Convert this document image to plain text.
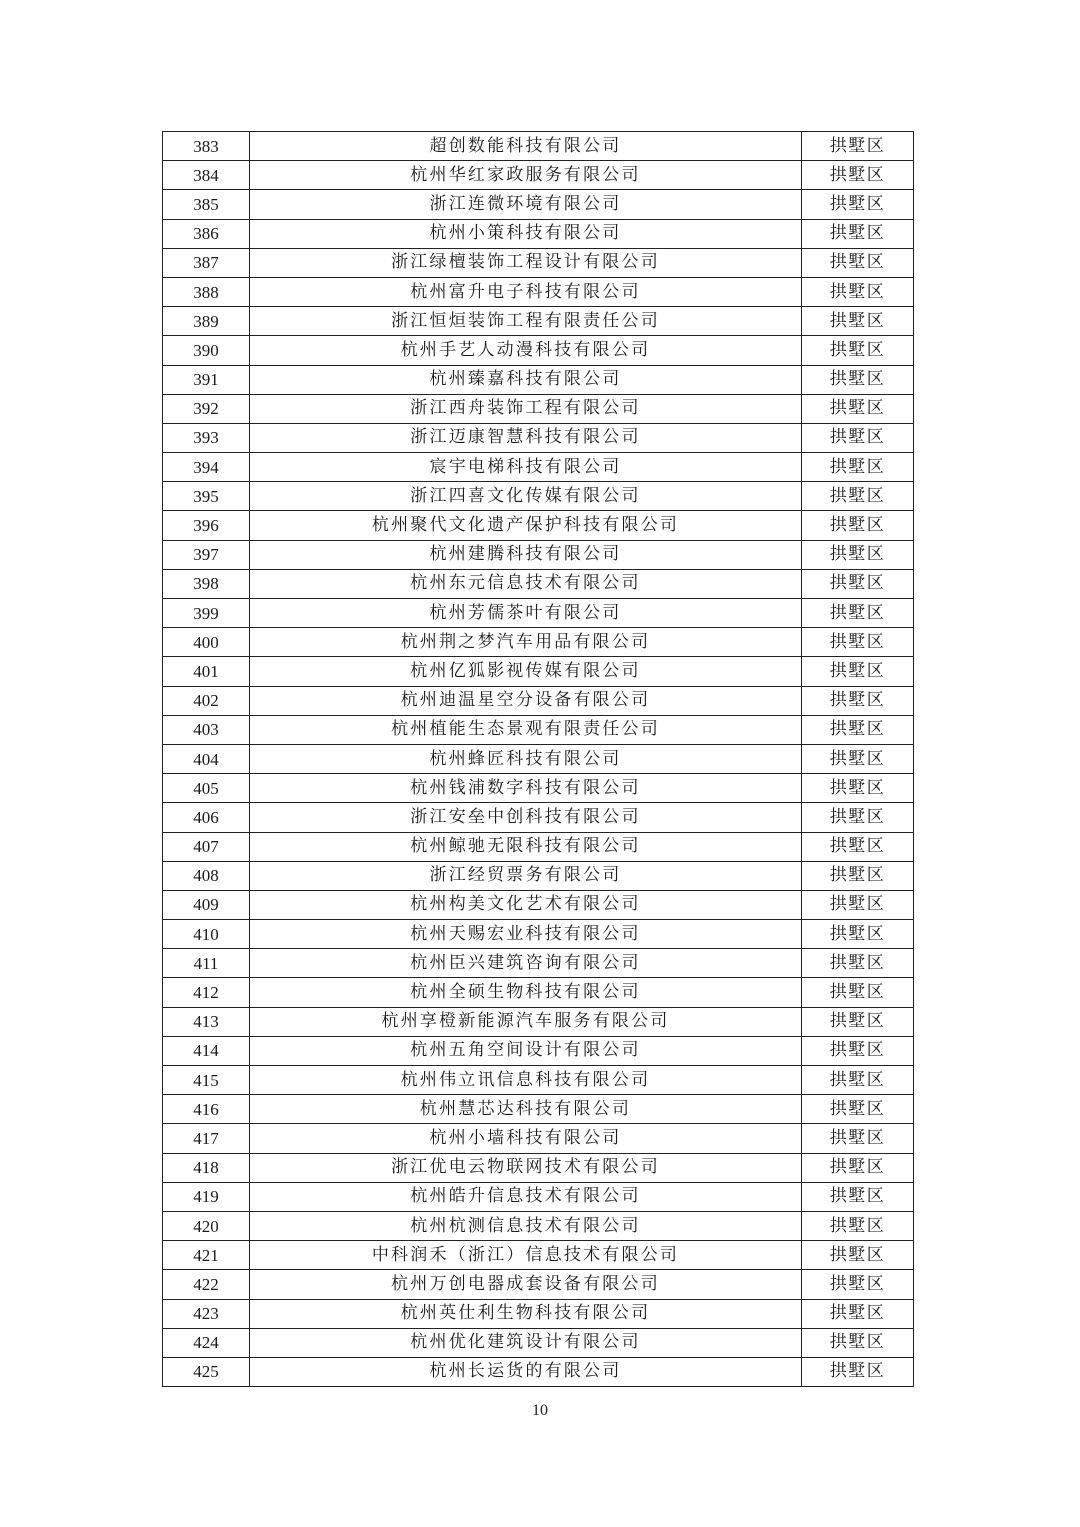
383	超创数能科技有限公司	拱墅区
384	杭州华红家政服务有限公司	拱墅区
385	浙江连微环境有限公司	拱墅区
386	杭州小策科技有限公司	拱墅区
387	浙江绿檀装饰工程设计有限公司	拱墅区
388	杭州富升电子科技有限公司	拱墅区
389	浙江恒烜装饰工程有限责任公司	拱墅区
390	杭州手艺人动漫科技有限公司	拱墅区
391	杭州臻嘉科技有限公司	拱墅区
392	浙江西舟装饰工程有限公司	拱墅区
393	浙江迈康智慧科技有限公司	拱墅区
394	宸宇电梯科技有限公司	拱墅区
395	浙江四喜文化传媒有限公司	拱墅区
396	杭州聚代文化遗产保护科技有限公司	拱墅区
397	杭州建腾科技有限公司	拱墅区
398	杭州东元信息技术有限公司	拱墅区
399	杭州芳儒茶叶有限公司	拱墅区
400	杭州荆之梦汽车用品有限公司	拱墅区
401	杭州亿狐影视传媒有限公司	拱墅区
402	杭州迪温星空分设备有限公司	拱墅区
403	杭州植能生态景观有限责任公司	拱墅区
404	杭州蜂匠科技有限公司	拱墅区
405	杭州钱浦数字科技有限公司	拱墅区
406	浙江安垒中创科技有限公司	拱墅区
407	杭州鲸驰无限科技有限公司	拱墅区
408	浙江经贸票务有限公司	拱墅区
409	杭州构美文化艺术有限公司	拱墅区
410	杭州天赐宏业科技有限公司	拱墅区
411	杭州臣兴建筑咨询有限公司	拱墅区
412	杭州全硕生物科技有限公司	拱墅区
413	杭州享橙新能源汽车服务有限公司	拱墅区
414	杭州五角空间设计有限公司	拱墅区
415	杭州伟立讯信息科技有限公司	拱墅区
416	杭州慧芯达科技有限公司	拱墅区
417	杭州小墙科技有限公司	拱墅区
418	浙江优电云物联网技术有限公司	拱墅区
419	杭州皓升信息技术有限公司	拱墅区
420	杭州杭测信息技术有限公司	拱墅区
421	中科润禾（浙江）信息技术有限公司	拱墅区
422	杭州万创电器成套设备有限公司	拱墅区
423	杭州英仕利生物科技有限公司	拱墅区
424	杭州优化建筑设计有限公司	拱墅区
425	杭州长运货的有限公司	拱墅区
10
